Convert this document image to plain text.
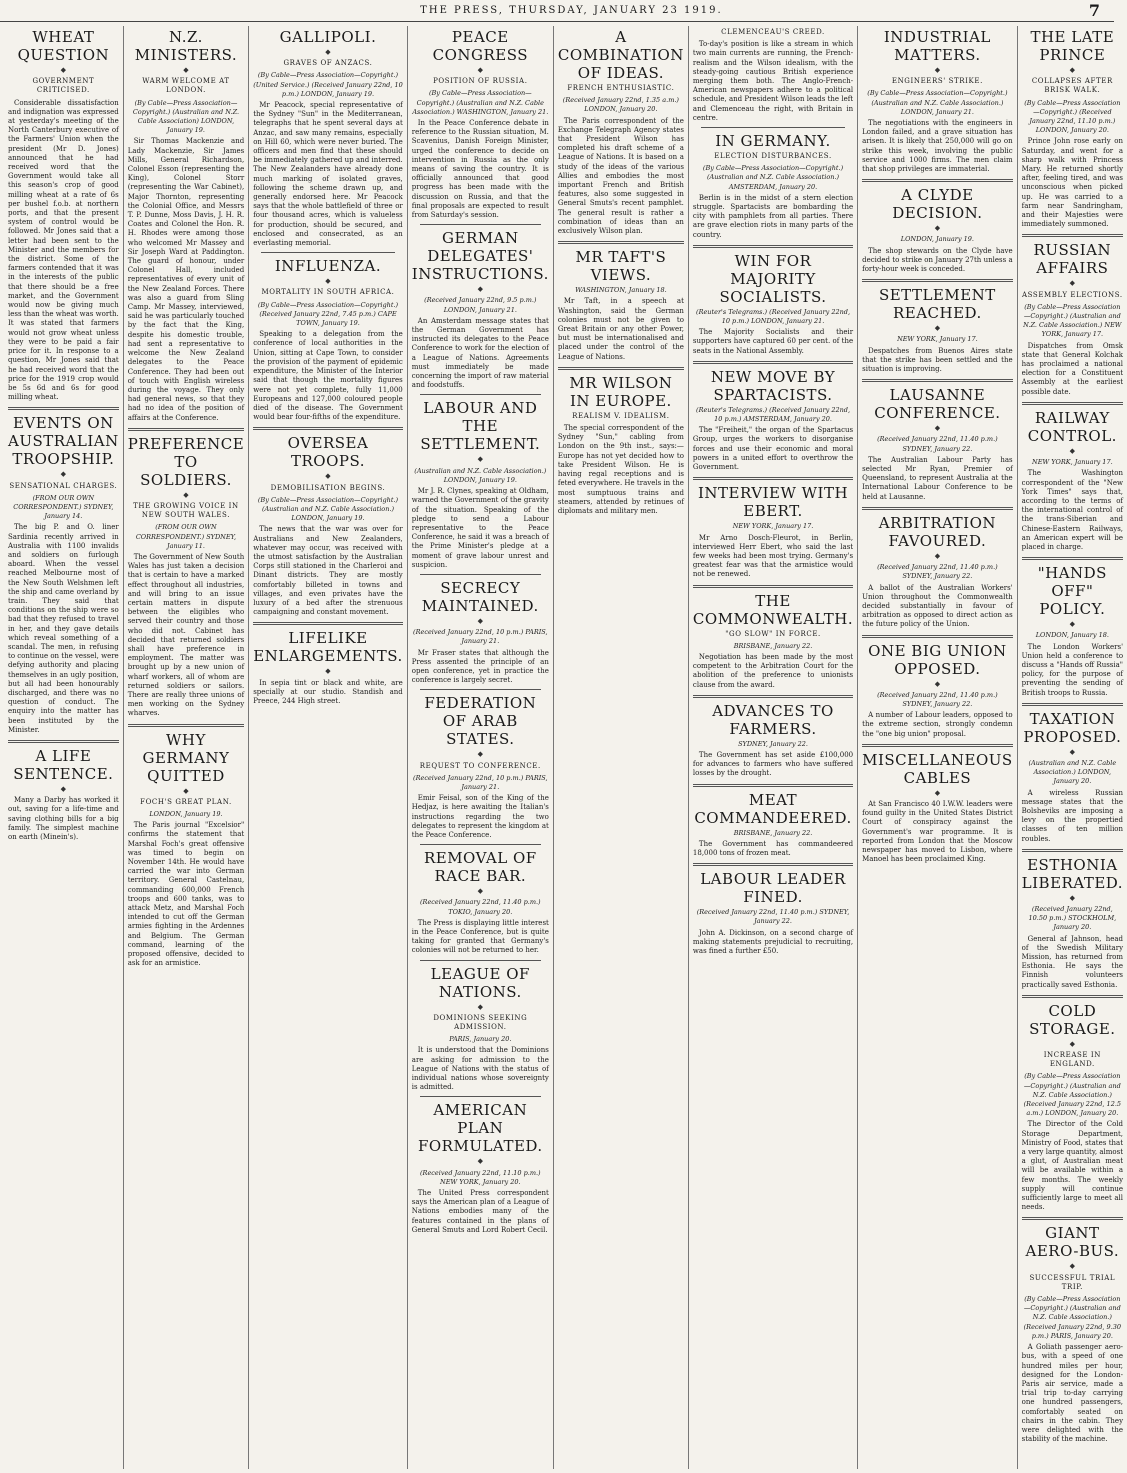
THE PRESS, THURSDAY, JANUARY 23 1919.	7
WHEAT QUESTION
◆
GOVERNMENT CRITICISED.

Considerable dissatisfaction and indignation was expressed at yesterday's meeting of the North Canterbury executive of the Farmers' Union when the president (Mr D. Jones) announced that he had received word that the Government would take all this season's crop of good milling wheat at a rate of 6s per bushel f.o.b. at northern ports, and that the present system of control would be followed. Mr Jones said that a letter had been sent to the Minister and the members for the district. Some of the farmers contended that it was in the interests of the public that there should be a free market, and the Government would now be giving much less than the wheat was worth. It was stated that farmers would not grow wheat unless they were to be paid a fair price for it. In response to a question, Mr Jones said that he had received word that the price for the 1919 crop would be 5s 6d and 6s for good milling wheat.

EVENTS ON AUSTRALIAN TROOPSHIP.
◆
SENSATIONAL CHARGES.
(FROM OUR OWN CORRESPONDENT.) SYDNEY, January 14.

The big P. and O. liner Sardinia recently arrived in Australia with 1100 invalids and soldiers on furlough aboard. When the vessel reached Melbourne most of the New South Welshmen left the ship and came overland by train. They said that conditions on the ship were so bad that they refused to travel in her, and they gave details which reveal something of a scandal. The men, in refusing to continue on the vessel, were defying authority and placing themselves in an ugly position, but all had been honourably discharged, and there was no question of conduct. The enquiry into the matter has been instituted by the Minister.

A LIFE SENTENCE.
◆

Many a Darby has worked it out, saving for a life-time and saving clothing bills for a big family. The simplest machine on earth (Minein's).

N.Z. MINISTERS.
◆
WARM WELCOME AT LONDON.
(By Cable—Press Association—Copyright.) (Australian and N.Z. Cable Association) LONDON, January 19.

Sir Thomas Mackenzie and Lady Mackenzie, Sir James Mills, General Richardson, Colonel Esson (representing the King), Colonel Storr (representing the War Cabinet), Major Thornton, representing the Colonial Office, and Messrs T. P. Dunne, Moss Davis, J. H. R. Coates and Colonel the Hon. R. H. Rhodes were among those who welcomed Mr Massey and Sir Joseph Ward at Paddington. The guard of honour, under Colonel Hall, included representatives of every unit of the New Zealand Forces. There was also a guard from Sling Camp. Mr Massey, interviewed, said he was particularly touched by the fact that the King, despite his domestic trouble, had sent a representative to welcome the New Zealand delegates to the Peace Conference. They had been out of touch with English wireless during the voyage. They only had general news, so that they had no idea of the position of affairs at the Conference.

PREFERENCE TO SOLDIERS.
◆
THE GROWING VOICE IN NEW SOUTH WALES.
(FROM OUR OWN CORRESPONDENT.) SYDNEY, January 11.

The Government of New South Wales has just taken a decision that is certain to have a marked effect throughout all industries, and will bring to an issue certain matters in dispute between the eligibles who served their country and those who did not. Cabinet has decided that returned soldiers shall have preference in employment. The matter was brought up by a new union of wharf workers, all of whom are returned soldiers or sailors. There are really three unions of men working on the Sydney wharves.

WHY GERMANY QUITTED
◆
FOCH'S GREAT PLAN.
LONDON, January 19.

The Paris journal "Excelsior" confirms the statement that Marshal Foch's great offensive was timed to begin on November 14th. He would have carried the war into German territory. General Castelnau, commanding 600,000 French troops and 600 tanks, was to attack Metz, and Marshal Foch intended to cut off the German armies fighting in the Ardennes and Belgium. The German command, learning of the proposed offensive, decided to ask for an armistice.

GALLIPOLI.
◆
GRAVES OF ANZACS.
(By Cable—Press Association—Copyright.) (United Service.) (Received January 22nd, 10 p.m.) LONDON, January 19.

Mr Peacock, special representative of the Sydney "Sun" in the Mediterranean, telegraphs that he spent several days at Anzac, and saw many remains, especially on Hill 60, which were never buried. The officers and men find that these should be immediately gathered up and interred. The New Zealanders have already done much marking of isolated graves, following the scheme drawn up, and generally endorsed here. Mr Peacock says that the whole battlefield of three or four thousand acres, which is valueless for production, should be secured, and enclosed and consecrated, as an everlasting memorial.

INFLUENZA.
◆
MORTALITY IN SOUTH AFRICA.
(By Cable—Press Association—Copyright.) (Received January 22nd, 7.45 p.m.) CAPE TOWN, January 19.

Speaking to a delegation from the conference of local authorities in the Union, sitting at Cape Town, to consider the provision of the payment of epidemic expenditure, the Minister of the Interior said that though the mortality figures were not yet complete, fully 11,000 Europeans and 127,000 coloured people died of the disease. The Government would bear four-fifths of the expenditure.

OVERSEA TROOPS.
◆
DEMOBILISATION BEGINS.
(By Cable—Press Association—Copyright.) (Australian and N.Z. Cable Association.) LONDON, January 19.

The news that the war was over for Australians and New Zealanders, whatever may occur, was received with the utmost satisfaction by the Australian Corps still stationed in the Charleroi and Dinant districts. They are mostly comfortably billeted in towns and villages, and even privates have the luxury of a bed after the strenuous campaigning and constant movement.

LIFELIKE ENLARGEMENTS.
◆

In sepia tint or black and white, are specially at our studio. Standish and Preece, 244 High street.

PEACE CONGRESS
◆
POSITION OF RUSSIA.
(By Cable—Press Association—Copyright.) (Australian and N.Z. Cable Association.) WASHINGTON, January 21.

In the Peace Conference debate in reference to the Russian situation, M. Scavenius, Danish Foreign Minister, urged the conference to decide on intervention in Russia as the only means of saving the country. It is officially announced that good progress has been made with the discussion on Russia, and that the final proposals are expected to result from Saturday's session.

GERMAN DELEGATES' INSTRUCTIONS.
◆
(Received January 22nd, 9.5 p.m.) LONDON, January 21.

An Amsterdam message states that the German Government has instructed its delegates to the Peace Conference to work for the election of a League of Nations. Agreements must immediately be made concerning the import of raw material and foodstuffs.

LABOUR AND THE SETTLEMENT.
◆
(Australian and N.Z. Cable Association.) LONDON, January 19.

Mr J. R. Clynes, speaking at Oldham, warned the Government of the gravity of the situation. Speaking of the pledge to send a Labour representative to the Peace Conference, he said it was a breach of the Prime Minister's pledge at a moment of grave labour unrest and suspicion.

SECRECY MAINTAINED.
◆
(Received January 22nd, 10 p.m.) PARIS, January 21.

Mr Fraser states that although the Press assented the principle of an open conference, yet in practice the conference is largely secret.

FEDERATION OF ARAB STATES.
◆
REQUEST TO CONFERENCE.
(Received January 22nd, 10 p.m.) PARIS, January 21.

Emir Feisal, son of the King of the Hedjaz, is here awaiting the Italian's instructions regarding the two delegates to represent the kingdom at the Peace Conference.

REMOVAL OF RACE BAR.
◆
(Received January 22nd, 11.40 p.m.) TOKIO, January 20.

The Press is displaying little interest in the Peace Conference, but is quite taking for granted that Germany's colonies will not be returned to her.

LEAGUE OF NATIONS.
◆
DOMINIONS SEEKING ADMISSION.
PARIS, January 20.

It is understood that the Dominions are asking for admission to the League of Nations with the status of individual nations whose sovereignty is admitted.

AMERICAN PLAN FORMULATED.
◆
(Received January 22nd, 11.10 p.m.) NEW YORK, January 20.

The United Press correspondent says the American plan of a League of Nations embodies many of the features contained in the plans of General Smuts and Lord Robert Cecil.

A COMBINATION OF IDEAS.
FRENCH ENTHUSIASTIC.
(Received January 22nd, 1.35 a.m.) LONDON, January 20.

The Paris correspondent of the Exchange Telegraph Agency states that President Wilson has completed his draft scheme of a League of Nations. It is based on a study of the ideas of the various Allies and embodies the most important French and British features, also some suggested in General Smuts's recent pamphlet. The general result is rather a combination of ideas than an exclusively Wilson plan.

MR TAFT'S VIEWS.
WASHINGTON, January 18.

Mr Taft, in a speech at Washington, said the German colonies must not be given to Great Britain or any other Power, but must be internationalised and placed under the control of the League of Nations.

MR WILSON IN EUROPE.
REALISM V. IDEALISM.

The special correspondent of the Sydney "Sun," cabling from London on the 9th inst., says:— Europe has not yet decided how to take President Wilson. He is having regal receptions and is feted everywhere. He travels in the most sumptuous trains and steamers, attended by retinues of diplomats and military men.

CLEMENCEAU'S CREED.

To-day's position is like a stream in which two main currents are running, the French-realism and the Wilson idealism, with the steady-going cautious British experience merging them both. The Anglo-French-American newspapers adhere to a political schedule, and President Wilson leads the left and Clemenceau the right, with Britain in centre.

IN GERMANY.
ELECTION DISTURBANCES.
(By Cable—Press Association—Copyright.) (Australian and N.Z. Cable Association.) AMSTERDAM, January 20.

Berlin is in the midst of a stern election struggle. Spartacists are bombarding the city with pamphlets from all parties. There are grave election riots in many parts of the country.

WIN FOR MAJORITY SOCIALISTS.
(Reuter's Telegrams.) (Received January 22nd, 10 p.m.) LONDON, January 21.

The Majority Socialists and their supporters have captured 60 per cent. of the seats in the National Assembly.

NEW MOVE BY SPARTACISTS.
(Reuter's Telegrams.) (Received January 22nd, 10 p.m.) AMSTERDAM, January 20.

The "Freiheit," the organ of the Spartacus Group, urges the workers to disorganise forces and use their economic and moral powers in a united effort to overthrow the Government.

INTERVIEW WITH EBERT.
NEW YORK, January 17.

Mr Arno Dosch-Fleurot, in Berlin, interviewed Herr Ebert, who said the last few weeks had been most trying. Germany's greatest fear was that the armistice would not be renewed.

THE COMMONWEALTH.
"GO SLOW" IN FORCE.
BRISBANE, January 22.

Negotiation has been made by the most competent to the Arbitration Court for the abolition of the preference to unionists clause from the award.

ADVANCES TO FARMERS.
SYDNEY, January 22.

The Government has set aside £100,000 for advances to farmers who have suffered losses by the drought.

MEAT COMMANDEERED.
BRISBANE, January 22.

The Government has commandeered 18,000 tons of frozen meat.

LABOUR LEADER FINED.
(Received January 22nd, 11.40 p.m.) SYDNEY, January 22.

John A. Dickinson, on a second charge of making statements prejudicial to recruiting, was fined a further £50.

INDUSTRIAL MATTERS.
◆
ENGINEERS' STRIKE.
(By Cable—Press Association—Copyright.) (Australian and N.Z. Cable Association.) LONDON, January 21.

The negotiations with the engineers in London failed, and a grave situation has arisen. It is likely that 250,000 will go on strike this week, involving the public service and 1000 firms. The men claim that shop privileges are immaterial.

A CLYDE DECISION.
◆
LONDON, January 19.

The shop stewards on the Clyde have decided to strike on January 27th unless a forty-hour week is conceded.

SETTLEMENT REACHED.
◆
NEW YORK, January 17.

Despatches from Buenos Aires state that the strike has been settled and the situation is improving.

LAUSANNE CONFERENCE.
◆
(Received January 22nd, 11.40 p.m.) SYDNEY, January 22.

The Australian Labour Party has selected Mr Ryan, Premier of Queensland, to represent Australia at the International Labour Conference to be held at Lausanne.

ARBITRATION FAVOURED.
◆
(Received January 22nd, 11.40 p.m.) SYDNEY, January 22.

A ballot of the Australian Workers' Union throughout the Commonwealth decided substantially in favour of arbitration as opposed to direct action as the future policy of the Union.

ONE BIG UNION OPPOSED.
◆
(Received January 22nd, 11.40 p.m.) SYDNEY, January 22.

A number of Labour leaders, opposed to the extreme section, strongly condemn the "one big union" proposal.

MISCELLANEOUS CABLES
◆

At San Francisco 40 I.W.W. leaders were found guilty in the United States District Court of conspiracy against the Government's war programme. It is reported from London that the Moscow newspaper has moved to Lisbon, where Manoel has been proclaimed King.

THE LATE PRINCE
◆
COLLAPSES AFTER BRISK WALK.
(By Cable—Press Association—Copyright.) (Received January 22nd, 11.10 p.m.) LONDON, January 20.

Prince John rose early on Saturday, and went for a sharp walk with Princess Mary. He returned shortly after, feeling tired, and was unconscious when picked up. He was carried to a farm near Sandringham, and their Majesties were immediately summoned.

RUSSIAN AFFAIRS
◆
ASSEMBLY ELECTIONS.
(By Cable—Press Association—Copyright.) (Australian and N.Z. Cable Association.) NEW YORK, January 17.

Dispatches from Omsk state that General Kolchak has proclaimed a national election for a Constituent Assembly at the earliest possible date.

RAILWAY CONTROL.
◆
NEW YORK, January 17.

The Washington correspondent of the "New York Times" says that, according to the terms of the international control of the trans-Siberian and Chinese-Eastern Railways, an American expert will be placed in charge.

"HANDS OFF" POLICY.
◆
LONDON, January 18.

The London Workers' Union held a conference to discuss a "Hands off Russia" policy, for the purpose of preventing the sending of British troops to Russia.

TAXATION PROPOSED.
◆
(Australian and N.Z. Cable Association.) LONDON, January 20.

A wireless Russian message states that the Bolsheviks are imposing a levy on the propertied classes of ten million roubles.

ESTHONIA LIBERATED.
◆
(Received January 22nd, 10.50 p.m.) STOCKHOLM, January 20.

General af Jahnson, head of the Swedish Military Mission, has returned from Esthonia. He says the Finnish volunteers practically saved Esthonia.

COLD STORAGE.
◆
INCREASE IN ENGLAND.
(By Cable—Press Association—Copyright.) (Australian and N.Z. Cable Association.) (Received January 22nd, 12.5 a.m.) LONDON, January 20.

The Director of the Cold Storage Department, Ministry of Food, states that a very large quantity, almost a glut, of Australian meat will be available within a few months. The weekly supply will continue sufficiently large to meet all needs.

GIANT AERO-BUS.
◆
SUCCESSFUL TRIAL TRIP.
(By Cable—Press Association—Copyright.) (Australian and N.Z. Cable Association.) (Received January 22nd, 9.30 p.m.) PARIS, January 20.

A Goliath passenger aero-bus, with a speed of one hundred miles per hour, designed for the London-Paris air service, made a trial trip to-day carrying one hundred passengers, comfortably seated on chairs in the cabin. They were delighted with the stability of the machine.
